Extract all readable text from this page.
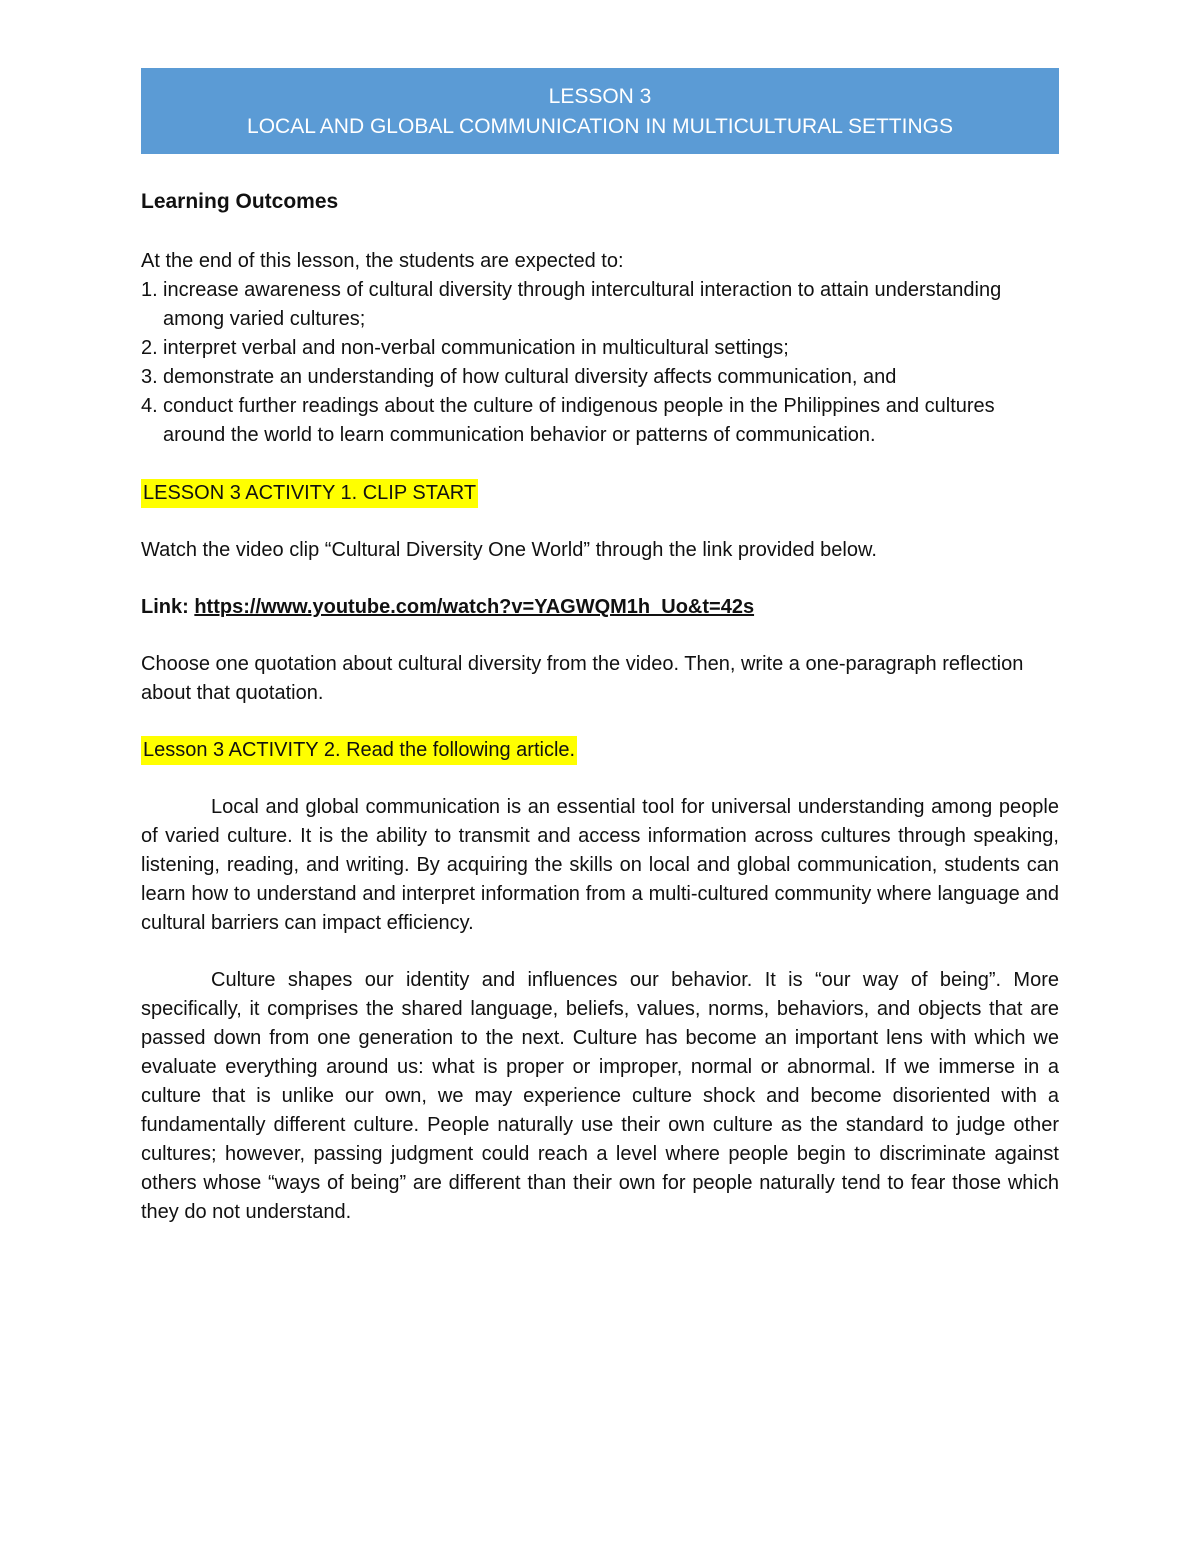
LESSON 3
LOCAL AND GLOBAL COMMUNICATION IN MULTICULTURAL SETTINGS
Learning Outcomes
At the end of this lesson, the students are expected to:
1. increase awareness of cultural diversity through intercultural interaction to attain understanding among varied cultures;
2. interpret verbal and non-verbal communication in multicultural settings;
3. demonstrate an understanding of how cultural diversity affects communication, and
4. conduct further readings about the culture of indigenous people in the Philippines and cultures around the world to learn communication behavior or patterns of communication.
LESSON 3 ACTIVITY 1. CLIP START
Watch the video clip “Cultural Diversity One World” through the link provided below.
Link: https://www.youtube.com/watch?v=YAGWQM1h_Uo&t=42s
Choose one quotation about cultural diversity from the video. Then, write a one-paragraph reflection about that quotation.
Lesson 3 ACTIVITY 2. Read the following article.
Local and global communication is an essential tool for universal understanding among people of varied culture. It is the ability to transmit and access information across cultures through speaking, listening, reading, and writing. By acquiring the skills on local and global communication, students can learn how to understand and interpret information from a multi-cultured community where language and cultural barriers can impact efficiency.
Culture shapes our identity and influences our behavior. It is “our way of being”. More specifically, it comprises the shared language, beliefs, values, norms, behaviors, and objects that are passed down from one generation to the next. Culture has become an important lens with which we evaluate everything around us: what is proper or improper, normal or abnormal. If we immerse in a culture that is unlike our own, we may experience culture shock and become disoriented with a fundamentally different culture. People naturally use their own culture as the standard to judge other cultures; however, passing judgment could reach a level where people begin to discriminate against others whose “ways of being” are different than their own for people naturally tend to fear those which they do not understand.
